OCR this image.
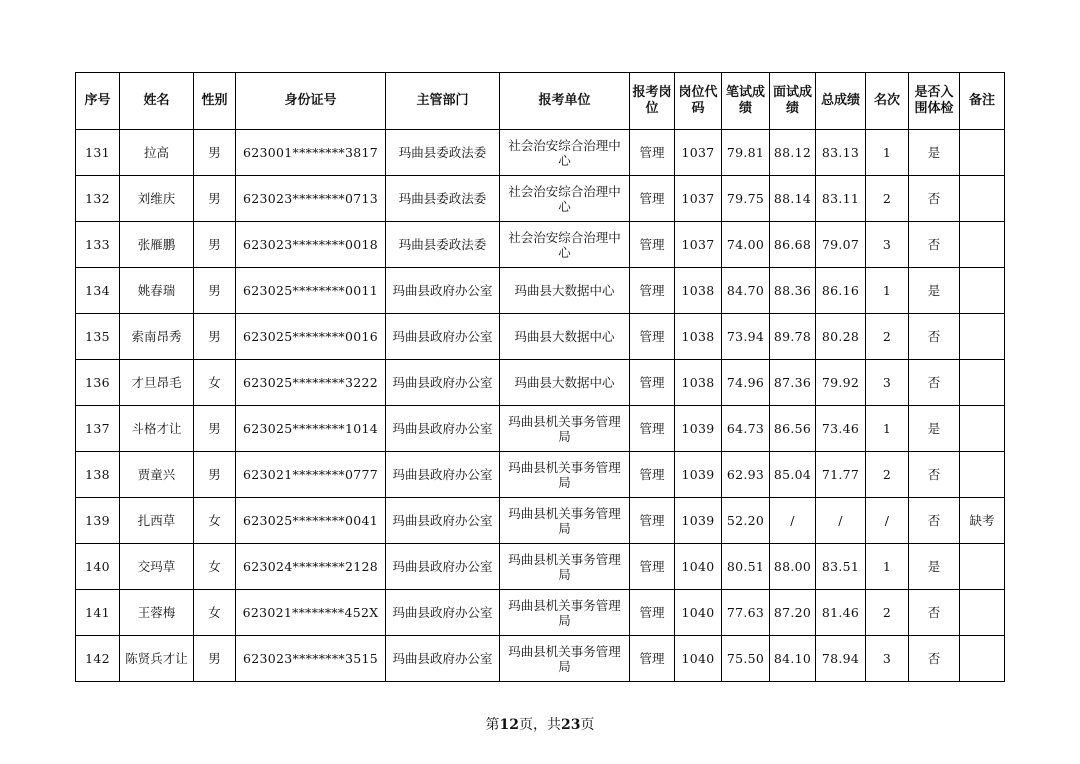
序号	姓名	性别	身份证号	主管部门	报考单位	报考岗位	岗位代码	笔试成绩	面试成绩	总成绩	名次	是否入围体检	备注
131	拉高	男	623001********3817	玛曲县委政法委	社会治安综合治理中心	管理	1037	79.81	88.12	83.13	1	是	
132	刘维庆	男	623023********0713	玛曲县委政法委	社会治安综合治理中心	管理	1037	79.75	88.14	83.11	2	否	
133	张雁鹏	男	623023********0018	玛曲县委政法委	社会治安综合治理中心	管理	1037	74.00	86.68	79.07	3	否	
134	姚春瑞	男	623025********0011	玛曲县政府办公室	玛曲县大数据中心	管理	1038	84.70	88.36	86.16	1	是	
135	索南昂秀	男	623025********0016	玛曲县政府办公室	玛曲县大数据中心	管理	1038	73.94	89.78	80.28	2	否	
136	才旦昂毛	女	623025********3222	玛曲县政府办公室	玛曲县大数据中心	管理	1038	74.96	87.36	79.92	3	否	
137	斗格才让	男	623025********1014	玛曲县政府办公室	玛曲县机关事务管理局	管理	1039	64.73	86.56	73.46	1	是	
138	贾童兴	男	623021********0777	玛曲县政府办公室	玛曲县机关事务管理局	管理	1039	62.93	85.04	71.77	2	否	
139	扎西草	女	623025********0041	玛曲县政府办公室	玛曲县机关事务管理局	管理	1039	52.20	/	/	/	否	缺考
140	交玛草	女	623024********2128	玛曲县政府办公室	玛曲县机关事务管理局	管理	1040	80.51	88.00	83.51	1	是	
141	王蓉梅	女	623021********452X	玛曲县政府办公室	玛曲县机关事务管理局	管理	1040	77.63	87.20	81.46	2	否	
142	陈贤兵才让	男	623023********3515	玛曲县政府办公室	玛曲县机关事务管理局	管理	1040	75.50	84.10	78.94	3	否	
第12页，共23页
